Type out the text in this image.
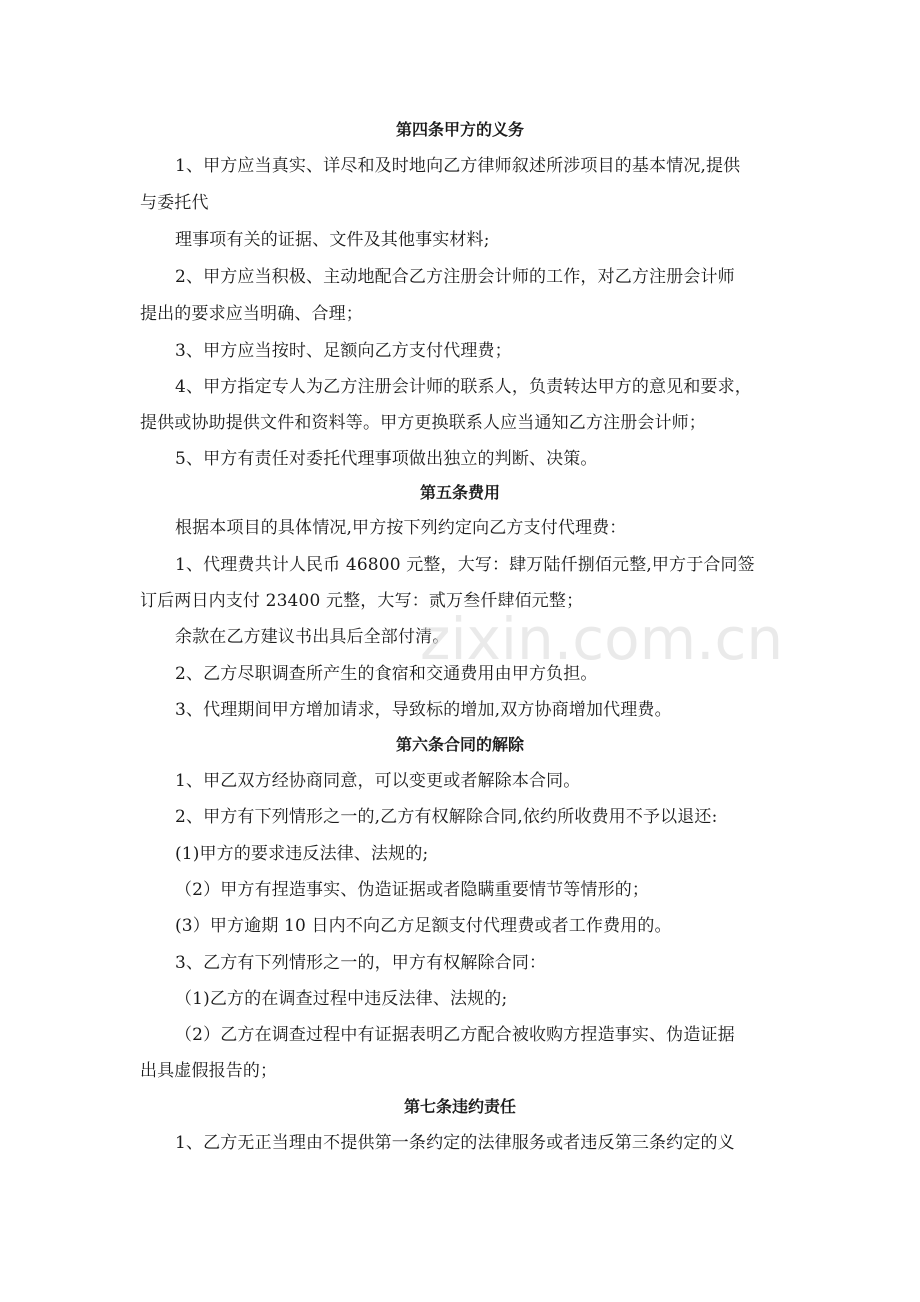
第四条甲方的义务
1、甲方应当真实、详尽和及时地向乙方律师叙述所涉项目的基本情况,提供
与委托代
理事项有关的证据、文件及其他事实材料;
2、甲方应当积极、主动地配合乙方注册会计师的工作，对乙方注册会计师
提出的要求应当明确、合理；
3、甲方应当按时、足额向乙方支付代理费；
4、甲方指定专人为乙方注册会计师的联系人，负责转达甲方的意见和要求，
提供或协助提供文件和资料等。甲方更换联系人应当通知乙方注册会计师；
5、甲方有责任对委托代理事项做出独立的判断、决策。
第五条费用
根据本项目的具体情况,甲方按下列约定向乙方支付代理费：
1、代理费共计人民币 46800 元整，大写：肆万陆仟捌佰元整,甲方于合同签
订后两日内支付 23400 元整，大写：贰万叁仟肆佰元整；
余款在乙方建议书出具后全部付清。
2、乙方尽职调查所产生的食宿和交通费用由甲方负担。
3、代理期间甲方增加请求，导致标的增加,双方协商增加代理费。
第六条合同的解除
1、甲乙双方经协商同意，可以变更或者解除本合同。
2、甲方有下列情形之一的,乙方有权解除合同,依约所收费用不予以退还:
(1)甲方的要求违反法律、法规的;
（2）甲方有捏造事实、伪造证据或者隐瞒重要情节等情形的；
(3）甲方逾期 10 日内不向乙方足额支付代理费或者工作费用的。
3、乙方有下列情形之一的，甲方有权解除合同：
（1)乙方的在调查过程中违反法律、法规的;
（2）乙方在调查过程中有证据表明乙方配合被收购方捏造事实、伪造证据
出具虚假报告的；
第七条违约责任
1、乙方无正当理由不提供第一条约定的法律服务或者违反第三条约定的义
zixin.com.cn
